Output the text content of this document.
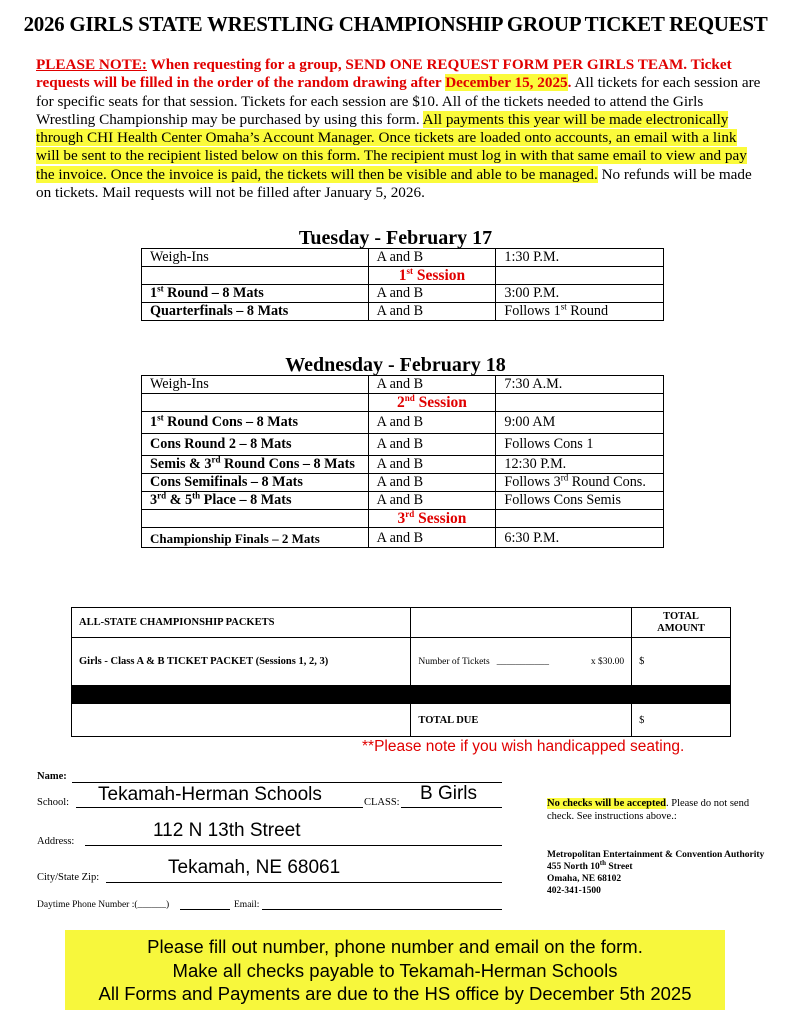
2026 GIRLS STATE WRESTLING CHAMPIONSHIP GROUP TICKET REQUEST
PLEASE NOTE: When requesting for a group, SEND ONE REQUEST FORM PER GIRLS TEAM. Ticket requests will be filled in the order of the random drawing after December 15, 2025. All tickets for each session are for specific seats for that session. Tickets for each session are $10. All of the tickets needed to attend the Girls Wrestling Championship may be purchased by using this form. All payments this year will be made electronically through CHI Health Center Omaha’s Account Manager. Once tickets are loaded onto accounts, an email with a link will be sent to the recipient listed below on this form. The recipient must log in with that same email to view and pay the invoice. Once the invoice is paid, the tickets will then be visible and able to be managed. No refunds will be made on tickets. Mail requests will not be filled after January 5, 2026.
Tuesday - February 17
Weigh-Ins	A and B	1:30 P.M.
	1st Session	
1st Round – 8 Mats	A and B	3:00 P.M.
Quarterfinals – 8 Mats	A and B	Follows 1st Round
Wednesday - February 18
Weigh-Ins	A and B	7:30 A.M.
	2nd Session	
1st Round Cons – 8 Mats	A and B	9:00 AM
Cons Round 2 – 8 Mats	A and B	Follows Cons 1
Semis & 3rd Round Cons – 8 Mats	A and B	12:30 P.M.
Cons Semifinals – 8 Mats	A and B	Follows 3rd Round Cons.
3rd & 5th Place – 8 Mats	A and B	Follows Cons Semis
	3rd Session	
Championship Finals – 2 Mats	A and B	6:30 P.M.
ALL-STATE CHAMPIONSHIP PACKETS		TOTAL AMOUNT
Girls - Class A & B TICKET PACKET (Sessions 1, 2, 3)	Number of Tickets ___________ x $30.00	$

	TOTAL DUE	$
**Please note if you wish handicapped seating.
Name:
School: Tekamah-Herman Schools	CLASS: B Girls
Address:
112 N 13th Street
City/State Zip:	Tekamah, NE 68061
Daytime Phone Number :(______)	Email:
No checks will be accepted. Please do not send check. See instructions above.:
Metropolitan Entertainment & Convention Authority
455 North 10th Street
Omaha, NE 68102
402-341-1500
Please fill out number, phone number and email on the form.
Make all checks payable to Tekamah-Herman Schools
All Forms and Payments are due to the HS office by December 5th 2025
